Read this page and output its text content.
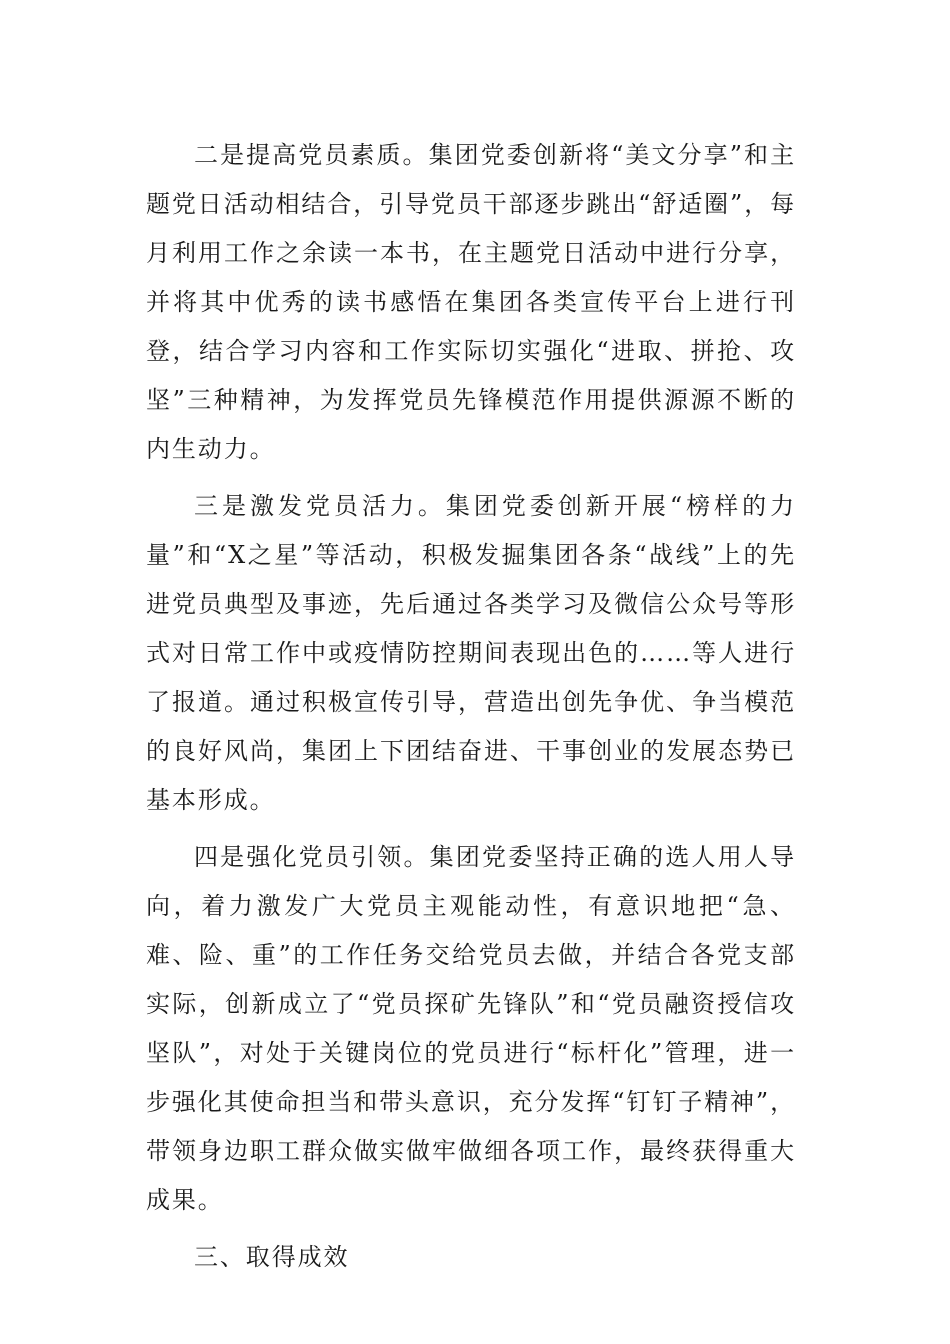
二是提高党员素质。集团党委创新将“美文分享”和主题党日活动相结合，引导党员干部逐步跳出“舒适圈”，每月利用工作之余读一本书，在主题党日活动中进行分享，并将其中优秀的读书感悟在集团各类宣传平台上进行刊登，结合学习内容和工作实际切实强化“进取、拼抢、攻坚”三种精神，为发挥党员先锋模范作用提供源源不断的内生动力。

三是激发党员活力。集团党委创新开展“榜样的力量”和“X之星”等活动，积极发掘集团各条“战线”上的先进党员典型及事迹，先后通过各类学习及微信公众号等形式对日常工作中或疫情防控期间表现出色的……等人进行了报道。通过积极宣传引导，营造出创先争优、争当模范的良好风尚，集团上下团结奋进、干事创业的发展态势已基本形成。

四是强化党员引领。集团党委坚持正确的选人用人导向，着力激发广大党员主观能动性，有意识地把“急、难、险、重”的工作任务交给党员去做，并结合各党支部实际，创新成立了“党员探矿先锋队”和“党员融资授信攻坚队”，对处于关键岗位的党员进行“标杆化”管理，进一步强化其使命担当和带头意识，充分发挥“钉钉子精神”，带领身边职工群众做实做牢做细各项工作，最终获得重大成果。

三、取得成效
